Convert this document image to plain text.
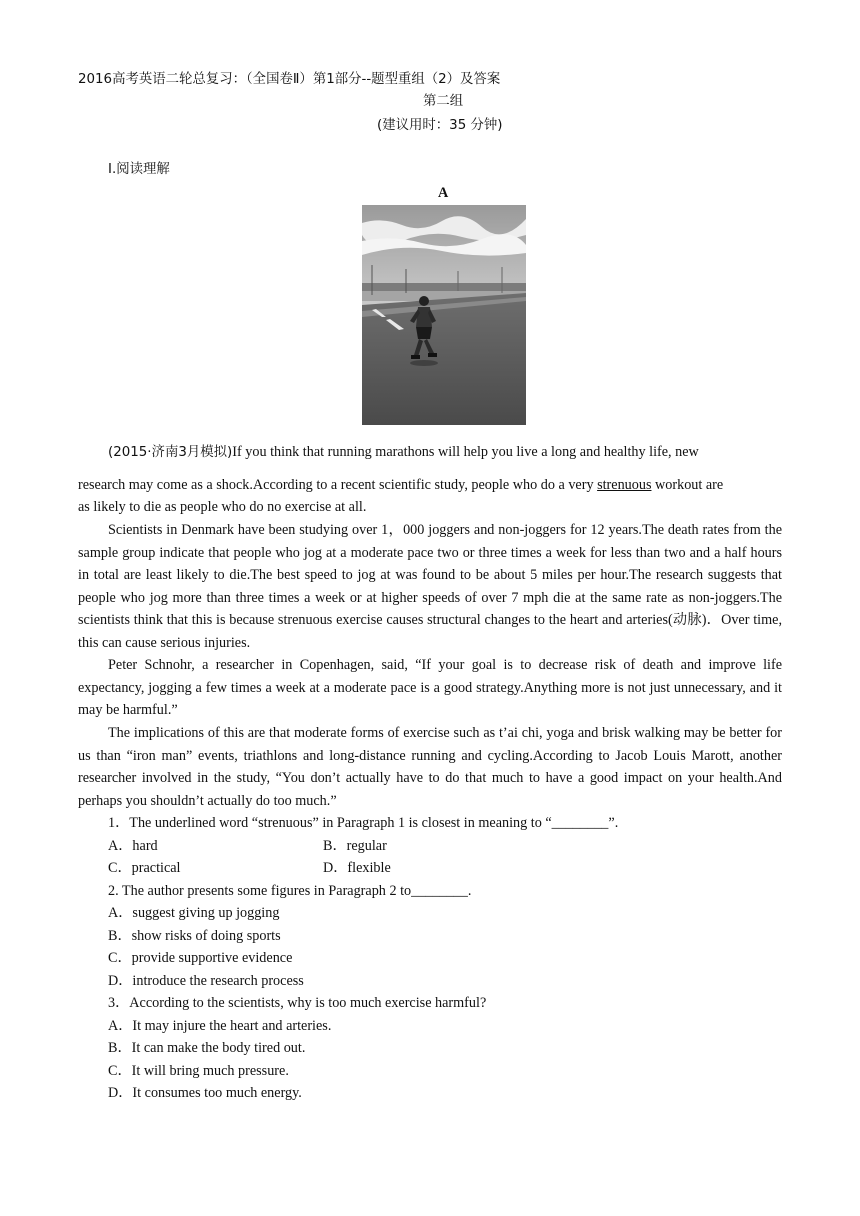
2016高考英语二轮总复习：（全国卷Ⅱ）第1部分--题型重组（2）及答案
第二组
(建议用时：35 分钟)
Ⅰ.阅读理解
A
(2015·济南3月模拟)If you think that running marathons will help you live a long and healthy life, new
research may come as a shock.According to a recent scientific study, people who do a very strenuous workout are
as likely to die as people who do no exercise at all.
Scientists in Denmark have been studying over 1，000 joggers and non-joggers for 12 years.The death rates from the sample group indicate that people who jog at a moderate pace two or three times a week for less than two and a half hours in total are least likely to die.The best speed to jog at was found to be about 5 miles per hour.The research suggests that people who jog more than three times a week or at higher speeds of over 7 mph die at the same rate as non-joggers.The scientists think that this is because strenuous exercise causes structural changes to the heart and arteries(动脉)．Over time, this can cause serious injuries.
Peter Schnohr, a researcher in Copenhagen, said, “If your goal is to decrease risk of death and improve life expectancy, jogging a few times a week at a moderate pace is a good strategy.Anything more is not just unnecessary, and it may be harmful.”
The implications of this are that moderate forms of exercise such as t’ai chi, yoga and brisk walking may be better for us than “iron man” events, triathlons and long-distance running and cycling.According to Jacob Louis Marott, another researcher involved in the study, “You don’t actually have to do that much to have a good impact on your health.And perhaps you shouldn’t actually do too much.”
1．The underlined word “strenuous” in Paragraph 1 is closest in meaning to “________”.
A．hard	B．regular
C．practical	D．flexible
2. The author presents some figures in Paragraph 2 to________.
A．suggest giving up jogging
B．show risks of doing sports
C．provide supportive evidence
D．introduce the research process
3．According to the scientists, why is too much exercise harmful?
A．It may injure the heart and arteries.
B．It can make the body tired out.
C．It will bring much pressure.
D．It consumes too much energy.
